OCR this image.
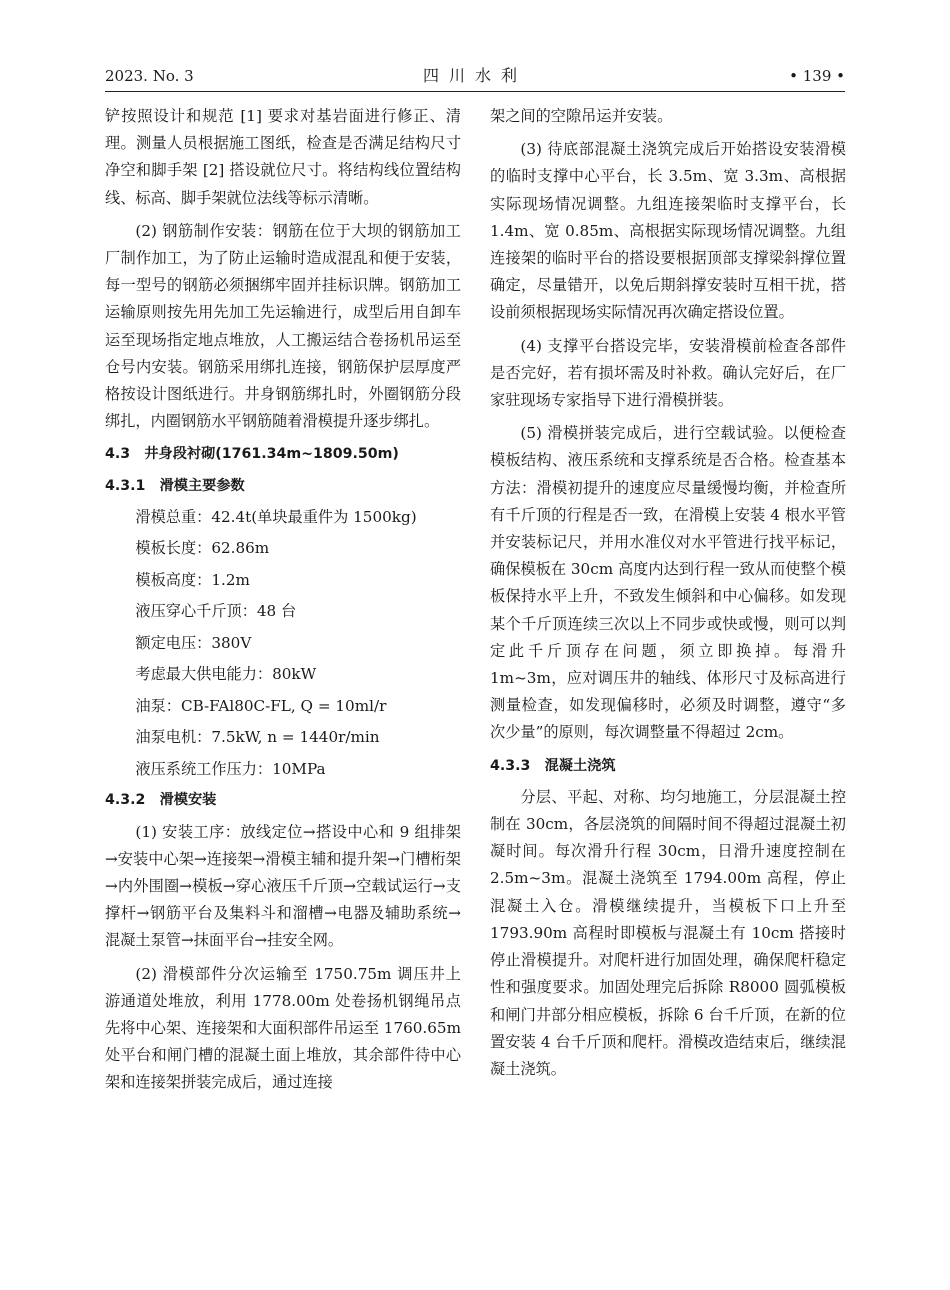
2023. No. 3	四川水利	• 139 •

铲按照设计和规范 [1] 要求对基岩面进行修正、清理。测量人员根据施工图纸，检查是否满足结构尺寸净空和脚手架 [2] 搭设就位尺寸。将结构线位置结构线、标高、脚手架就位法线等标示清晰。

(2) 钢筋制作安装：钢筋在位于大坝的钢筋加工厂制作加工，为了防止运输时造成混乱和便于安装，每一型号的钢筋必须捆绑牢固并挂标识牌。钢筋加工运输原则按先用先加工先运输进行，成型后用自卸车运至现场指定地点堆放，人工搬运结合卷扬机吊运至仓号内安装。钢筋采用绑扎连接，钢筋保护层厚度严格按设计图纸进行。井身钢筋绑扎时，外圈钢筋分段绑扎，内圈钢筋水平钢筋随着滑模提升逐步绑扎。

4.3　井身段衬砌(1761.34m~1809.50m)
4.3.1　滑模主要参数
滑模总重：42.4t(单块最重件为 1500kg)
模板长度：62.86m
模板高度：1.2m
液压穿心千斤顶：48 台
额定电压：380V
考虑最大供电能力：80kW
油泵：CB-FAl80C-FL, Q = 10ml/r
油泵电机：7.5kW, n = 1440r/min
液压系统工作压力：10MPa
4.3.2　滑模安装

(1) 安装工序：放线定位→搭设中心和 9 组排架→安装中心架→连接架→滑模主辅和提升架→门槽桁架→内外围圈→模板→穿心液压千斤顶→空载试运行→支撑杆→钢筋平台及集料斗和溜槽→电器及辅助系统→混凝土泵管→抹面平台→挂安全网。

(2) 滑模部件分次运输至 1750.75m 调压井上游通道处堆放，利用 1778.00m 处卷扬机钢绳吊点先将中心架、连接架和大面积部件吊运至 1760.65m 处平台和闸门槽的混凝土面上堆放，其余部件待中心架和连接架拼装完成后，通过连接

架之间的空隙吊运并安装。

(3) 待底部混凝土浇筑完成后开始搭设安装滑模的临时支撑中心平台，长 3.5m、宽 3.3m、高根据实际现场情况调整。九组连接架临时支撑平台，长 1.4m、宽 0.85m、高根据实际现场情况调整。九组连接架的临时平台的搭设要根据顶部支撑梁斜撑位置确定，尽量错开，以免后期斜撑安装时互相干扰，搭设前须根据现场实际情况再次确定搭设位置。

(4) 支撑平台搭设完毕，安装滑模前检查各部件是否完好，若有损坏需及时补救。确认完好后，在厂家驻现场专家指导下进行滑模拼装。

(5) 滑模拼装完成后，进行空载试验。以便检查模板结构、液压系统和支撑系统是否合格。检查基本方法：滑模初提升的速度应尽量缓慢均衡，并检查所有千斤顶的行程是否一致，在滑模上安装 4 根水平管并安装标记尺，并用水准仪对水平管进行找平标记，确保模板在 30cm 高度内达到行程一致从而使整个模板保持水平上升，不致发生倾斜和中心偏移。如发现某个千斤顶连续三次以上不同步或快或慢，则可以判定此千斤顶存在问题，须立即换掉。每滑升 1m~3m，应对调压井的轴线、体形尺寸及标高进行测量检查，如发现偏移时，必须及时调整，遵守“多次少量”的原则，每次调整量不得超过 2cm。

4.3.3　混凝土浇筑

分层、平起、对称、均匀地施工，分层混凝土控制在 30cm，各层浇筑的间隔时间不得超过混凝土初凝时间。每次滑升行程 30cm，日滑升速度控制在 2.5m~3m。混凝土浇筑至 1794.00m 高程，停止混凝土入仓。滑模继续提升，当模板下口上升至 1793.90m 高程时即模板与混凝土有 10cm 搭接时停止滑模提升。对爬杆进行加固处理，确保爬杆稳定性和强度要求。加固处理完后拆除 R8000 圆弧模板和闸门井部分相应模板，拆除 6 台千斤顶，在新的位置安装 4 台千斤顶和爬杆。滑模改造结束后，继续混凝土浇筑。
